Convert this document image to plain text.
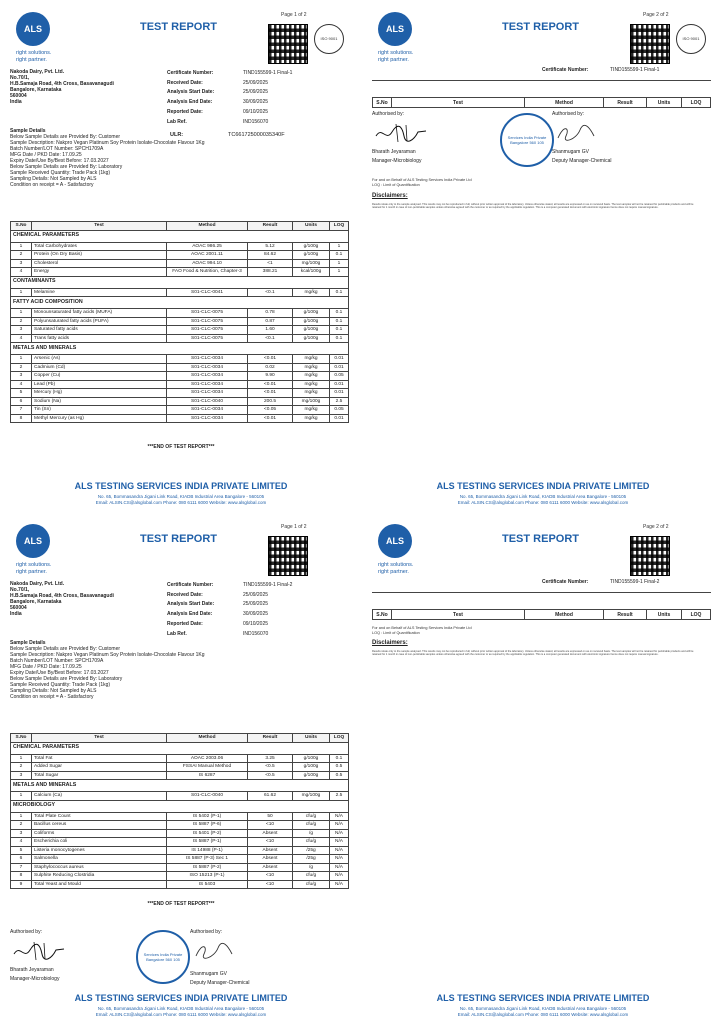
ALS
right solutions.
right partner.
TEST REPORT
Page 1 of 2
ISO 9001
Nakoda Dairy, Pvt. Ltd.
No.70/1,
H.B.Samaja Road, 4th Cross, Basavanagudi
Bangalore, Karnataka
560004
India
Certificate Number:	TIND155599-1 Final-1
Received Date:	25/09/2025
Analysis Start Date:	25/09/2025
Analysis End Date:	30/09/2025
Reported Date:	09/10/2025
Lab Ref.	IND156070
ULR:	TC661725000035340F
Sample Details
Below Sample Details are Provided By: Customer
Sample Description: Nakpro Vegan Platinum Soy Protein Isolate-Chocolate Flavour 1Kg
Batch Number/LOT Number: SPCH1709A
MFG Date / PKD Date: 17.09.25
Expiry Date/Use By/Best Before: 17.03.2027
Below Sample Details are Provided By: Laboratory
Sample Received Quantity: Trade Pack (1kg)
Sampling Details: Not Sampled by ALS
Condition on receipt = A - Satisfactory
S.No	Test	Method	Result	Units	LOQ
CHEMICAL PARAMETERS					
1	Total Carbohydrates	AOAC 986.25	5.12	g/100g	1
2	Protein (On Dry Basis)	AOAC 2001.11	84.62	g/100g	0.1
3	Cholesterol	AOAC 994.10	<1	mg/100g	1
4	Energy	FAO Food & Nutrition, Chapter-3	388.21	kcal/100g	1
CONTAMINANTS					
1	Melamine	S01-CLC-0041	<0.1	mg/kg	0.1
FATTY ACID COMPOSITION					
1	Monounsaturated fatty acids (MUFA)	S01-CLC-0075	0.78	g/100g	0.1
2	Polyunsaturated fatty acids (PUFA)	S01-CLC-0075	0.87	g/100g	0.1
3	Saturated fatty acids	S01-CLC-0075	1.60	g/100g	0.1
4	Trans fatty acids	S01-CLC-0075	<0.1	g/100g	0.1
METALS AND MINERALS					
1	Arsenic (As)	S01-CLC-0034	<0.01	mg/kg	0.01
2	Cadmium (Cd)	S01-CLC-0034	0.02	mg/kg	0.01
3	Copper (Cu)	S01-CLC-0034	9.90	mg/kg	0.05
4	Lead (Pb)	S01-CLC-0034	<0.01	mg/kg	0.01
5	Mercury (Hg)	S01-CLC-0034	<0.01	mg/kg	0.01
6	Sodium (Na)	S01-CLC-0040	200.5	mg/100g	2.5
7	Tin (Sn)	S01-CLC-0034	<0.05	mg/kg	0.05
8	Methyl Mercury (as Hg)	S01-CLC-0034	<0.01	mg/kg	0.01
***END OF TEST REPORT***
ALS TESTING SERVICES INDIA PRIVATE LIMITED
No. 65, Bommasandra Jigani Link Road, KIADB Industrial Area Bangalore - 560105
Email: ALSIN.CS@alsglobal.com Phone: 080 6111 6000 Website: www.alsglobal.com
ALS
right solutions.
right partner.
TEST REPORT
Page 2 of 2
ISO 9001
Certificate Number:	TIND155599-1 Final-1
S.No	Test	Method	Result	Units	LOQ
Authorised by:
Bharath Jeyaraman
Manager-Microbiology
Services India Private Bangalore 560 105
Authorised by:
Shanmugam GV
Deputy Manager-Chemical
For and on Behalf of ALS Testing Services India Private Ltd
LOQ : Limit of Quantification
Disclaimers:
Results relate only to the sample analysed. This results may not be reproduced in full, without prior written approval of the laboratory. Unless otherwise stated, all results are expressed on as on received basis. The test samples will not be retained for perishable products and will be retained for 1 month in case of non-perishable samples unless otherwise agreed with the customer or as required by the applicable regulation. This is a computer generated document with electronic signature hence does not require manual signature.
ALS TESTING SERVICES INDIA PRIVATE LIMITED
No. 65, Bommasandra Jigani Link Road, KIADB Industrial Area Bangalore - 560105
Email: ALSIN.CS@alsglobal.com Phone: 080 6111 6000 Website: www.alsglobal.com
ALS
right solutions.
right partner.
TEST REPORT
Page 1 of 2
Nakoda Dairy, Pvt. Ltd.
No.70/1,
H.B.Samaja Road, 4th Cross, Basavanagudi
Bangalore, Karnataka
560004
India
Certificate Number:	TIND155599-1 Final-2
Received Date:	25/09/2025
Analysis Start Date:	25/09/2025
Analysis End Date:	30/09/2025
Reported Date:	09/10/2025
Lab Ref.	IND156070
Sample Details
Below Sample Details are Provided By: Customer
Sample Description: Nakpro Vegan Platinum Soy Protein Isolate-Chocolate Flavour 1Kg
Batch Number/LOT Number: SPCH1709A
MFG Date / PKD Date: 17.09.25
Expiry Date/Use By/Best Before: 17.03.2027
Below Sample Details are Provided By: Laboratory
Sample Received Quantity: Trade Pack (1kg)
Sampling Details: Not Sampled by ALS
Condition on receipt = A - Satisfactory
S.No	Test	Method	Result	Units	LOQ
CHEMICAL PARAMETERS					
1	Total Fat	AOAC 2003.06	3.25	g/100g	0.1
2	Added Sugar	FSSAI Manual Method	<0.5	g/100g	0.5
3	Total Sugar	IS 6287	<0.5	g/100g	0.5
METALS AND MINERALS					
1	Calcium (Ca)	S01-CLC-0040	61.62	mg/100g	2.5
MICROBIOLOGY					
1	Total Plate Count	IS 5402 (P-1)	50	cfu/g	N/A
2	Bacillus cereus	IS 5887 (P-6)	<10	cfu/g	N/A
3	Coliforms	IS 5401 (P-2)	Absent	/g	N/A
4	Escherichia coli	IS 5887 (P-1)	<10	cfu/g	N/A
5	Listeria monocytogenes	IS 14988 (P-1)	Absent	/25g	N/A
6	Salmonella	IS 5887 (P-3) Sec 1	Absent	/25g	N/A
7	Staphylococcus aureus	IS 5887 (P-2)	Absent	/g	N/A
8	Sulphite Reducing Clostridia	ISO 15213 (P-1)	<10	cfu/g	N/A
9	Total Yeast and Mould	IS 5403	<10	cfu/g	N/A
***END OF TEST REPORT***
Authorised by:
Bharath Jeyaraman
Manager-Microbiology
Services India Private Bangalore 560 105
Authorised by:
Shanmugam GV
Deputy Manager-Chemical
ALS TESTING SERVICES INDIA PRIVATE LIMITED
No. 65, Bommasandra Jigani Link Road, KIADB Industrial Area Bangalore - 560105
Email: ALSIN.CS@alsglobal.com Phone: 080 6111 6000 Website: www.alsglobal.com
ALS
right solutions.
right partner.
TEST REPORT
Page 2 of 2
Certificate Number:	TIND155599-1 Final-2
S.No	Test	Method	Result	Units	LOQ
For and on Behalf of ALS Testing Services India Private Ltd
LOQ : Limit of Quantification
Disclaimers:
Results relate only to the sample analysed. This results may not be reproduced in full, without prior written approval of the laboratory. Unless otherwise stated, all results are expressed on as on received basis. The test samples will not be retained for perishable products and will be retained for 1 month in case of non-perishable samples unless otherwise agreed with the customer or as required by the applicable regulation. This is a computer generated document with electronic signature hence does not require manual signature.
ALS TESTING SERVICES INDIA PRIVATE LIMITED
No. 65, Bommasandra Jigani Link Road, KIADB Industrial Area Bangalore - 560105
Email: ALSIN.CS@alsglobal.com Phone: 080 6111 6000 Website: www.alsglobal.com
